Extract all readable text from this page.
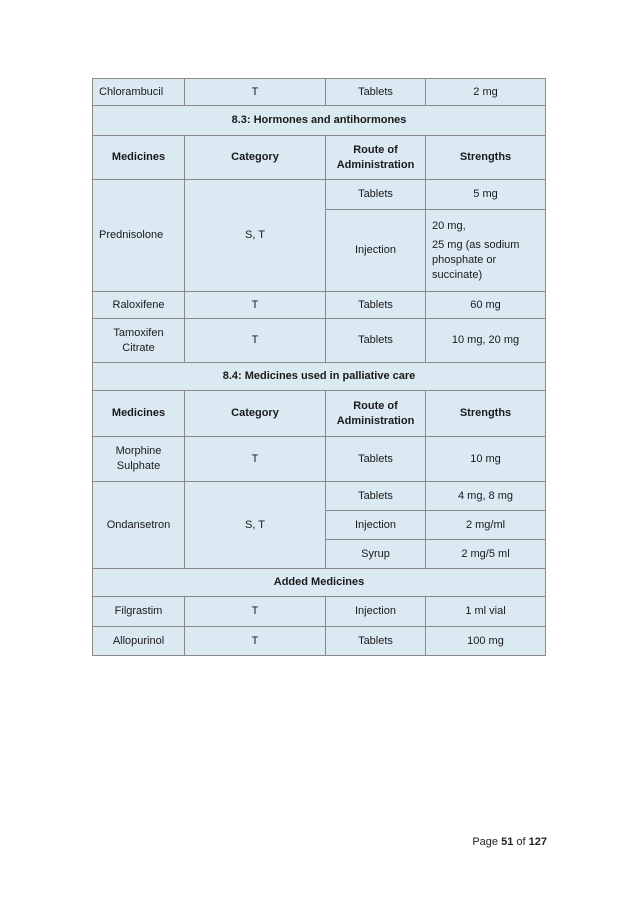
Chlorambucil	T	Tablets	2 mg
8.3: Hormones and antihormones			
Medicines	Category	Route of Administration	Strengths
Prednisolone	S, T	Tablets	5 mg
		Injection	20 mg,

25 mg (as sodium phosphate or succinate)

Raloxifene	T	Tablets	60 mg
Tamoxifen Citrate	T	Tablets	10 mg, 20 mg
8.4: Medicines used in palliative care			
Medicines	Category	Route of Administration	Strengths
Morphine Sulphate	T	Tablets	10 mg
Ondansetron	S, T	Tablets	4 mg, 8 mg
		Injection	2 mg/ml
		Syrup	2 mg/5 ml
Added Medicines			
Filgrastim	T	Injection	1 ml vial
Allopurinol	T	Tablets	100 mg
Page 51 of 127
